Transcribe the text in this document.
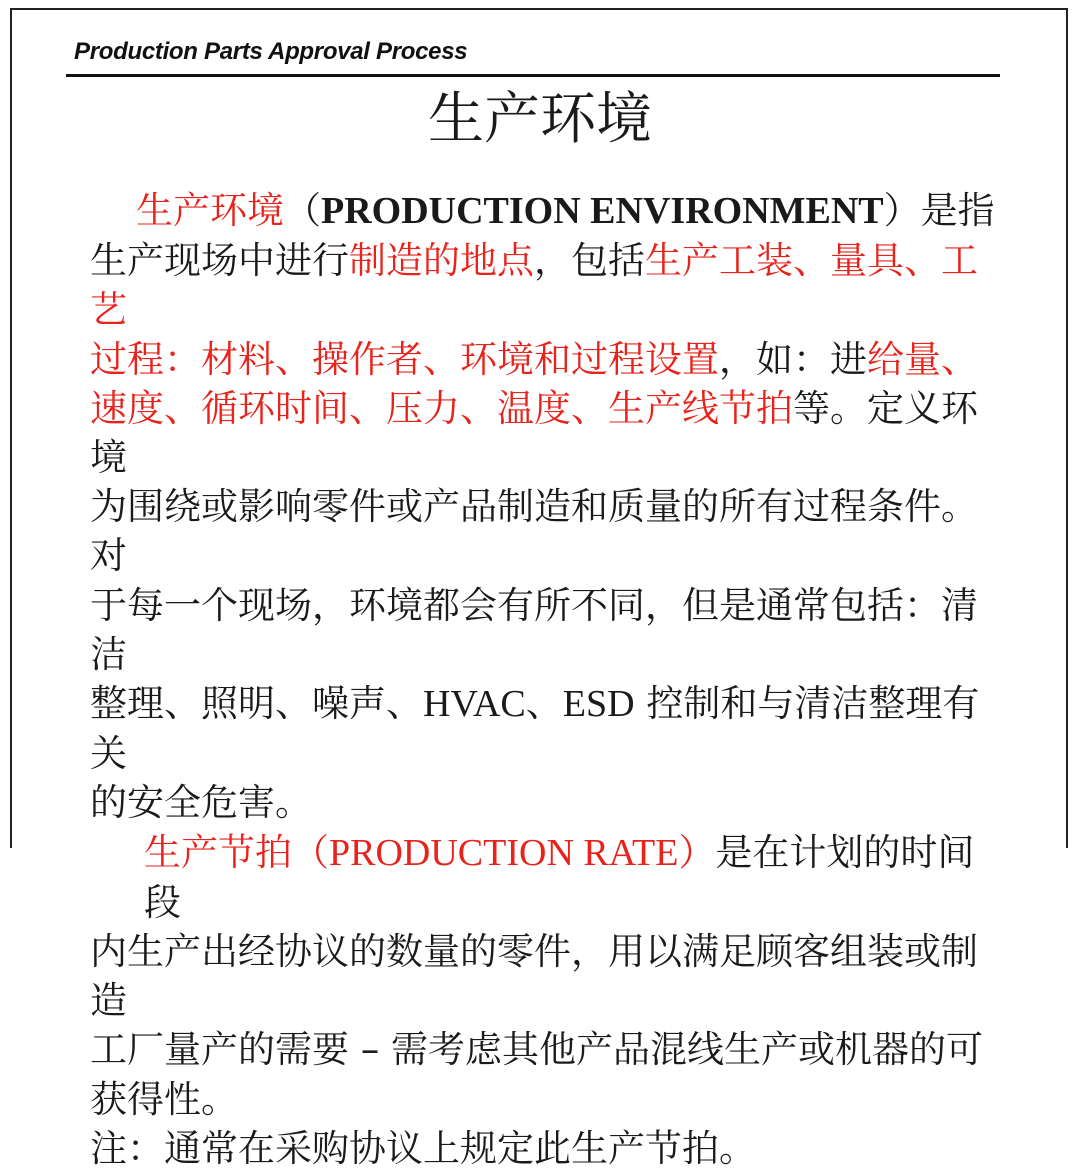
Production Parts Approval Process
生产环境

生产环境（PRODUCTION ENVIRONMENT）是指

生产现场中进行制造的地点，包括生产工装、量具、工艺

过程：材料、操作者、环境和过程设置，如：进给量、

速度、循环时间、压力、温度、生产线节拍等。定义环境

为围绕或影响零件或产品制造和质量的所有过程条件。对

于每一个现场，环境都会有所不同，但是通常包括：清洁

整理、照明、噪声、HVAC、ESD 控制和与清洁整理有关

的安全危害。

生产节拍（PRODUCTION RATE）是在计划的时间段

内生产出经协议的数量的零件，用以满足顾客组装或制造

工厂量产的需要 – 需考虑其他产品混线生产或机器的可

获得性。

注：通常在采购协议上规定此生产节拍。
